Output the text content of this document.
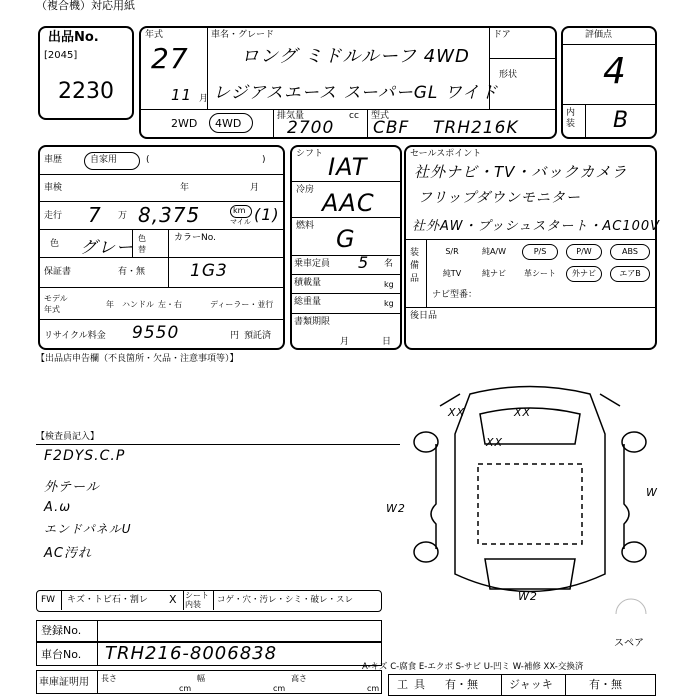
（複合機）対応用紙
出品No.
[2045]
2230
年式
27
11 月
車名・グレード
ロング ミドルルーフ 4WD
レジアスエース スーパーGL ワイド
ドア
形状
2WD 4WD
排気量	cc
2700
型式
CBF TRH216K
評価点
4
内装 B
車歴	自家用	(	)
車検	年	月
走行 7 万 8,375	km
マイル (1)
色 グレー 色替
カラーNo.
保証書	有・無	1G3
モデル年式
年 ハンドル 左・右	ディーラー・並行
リサイクル料金 9550	円 預託済
シフト IAT
冷房 AAC
燃料 G
乗車定員 5 名
積載量	kg
総重量	kg
書類期限
月	日
セールスポイント
社外ナビ・TV・バックカメラ
フリップダウンモニター
社外AW・プッシュスタート・AC100V
装備品
S/R	純A/W	P/S	P/W	ABS
純TV	純ナビ	革シート	外ナビ	エアB
ナビ型番：
後日品
【出品店申告欄（不良箇所・欠品・注意事項等）】
【検査員記入】
F2DYS.C.P
外テール
A.ω
エンドパネルU
AC汚れ
XX	XX
W2
W
W2
XX
FW キズ・トビ石・割レ X シート
内装 コゲ・穴・汚レ・シミ・破レ・スレ
登録No.
車台No. TRH216-8006838
車庫証明用 長さ
cm
幅
cm
高さ
cm
A-キズ C-腐食 E-エクボ S-サビ U-凹ミ W-補修 XX-交換済
スペア
工具 有・無	ジャッキ	有・無
